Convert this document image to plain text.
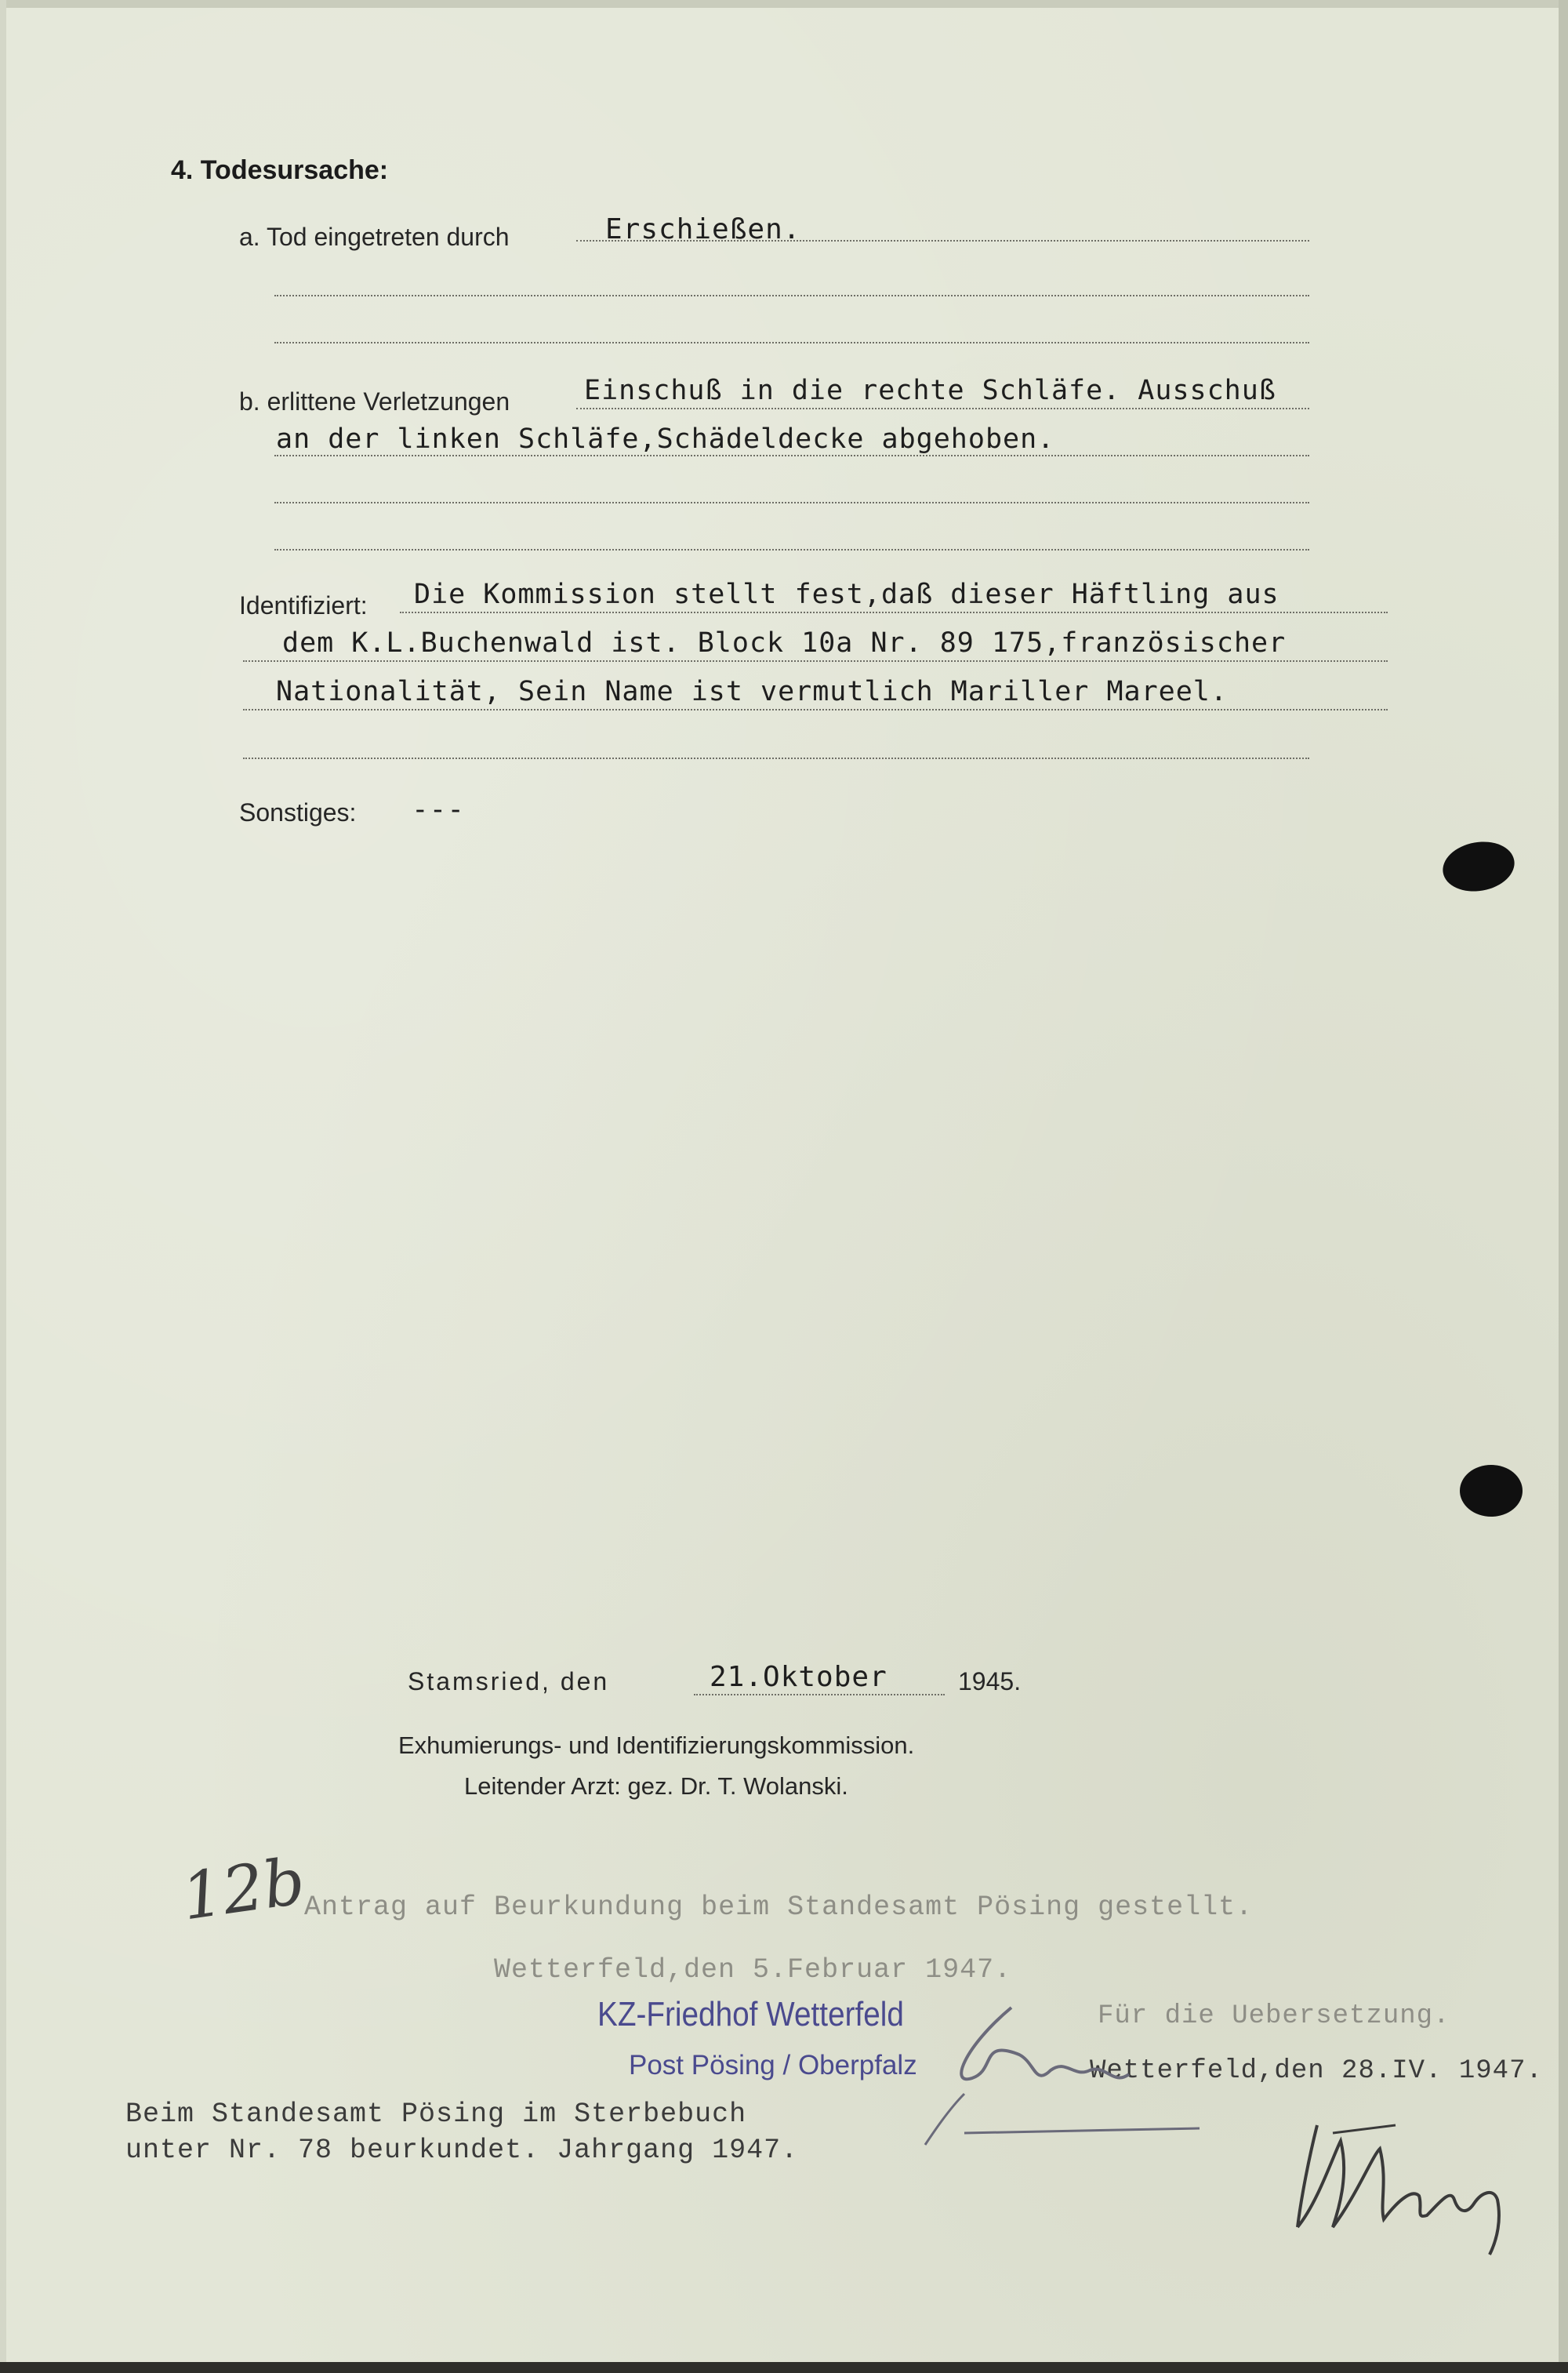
4. Todesursache:
a. Tod eingetreten durch	Erschießen.
b. erlittene Verletzungen	Einschuß in die rechte Schläfe. Ausschuß
an der linken Schläfe,Schädeldecke abgehoben.
Identifiziert: Die Kommission stellt fest,daß dieser Häftling aus
dem K.L.Buchenwald ist. Block 10a Nr. 89 175,französischer
Nationalität, Sein Name ist vermutlich Mariller Mareel.
Sonstiges: ---
Stamsried, den	21.Oktober	1945.
Exhumierungs- und Identifizierungskommission.
Leitender Arzt: gez. Dr. T. Wolanski.
12b
Antrag auf Beurkundung beim Standesamt Pösing gestellt.
Wetterfeld,den 5.Februar 1947.
KZ-Friedhof Wetterfeld
Post Pösing / Oberpfalz
Für die Uebersetzung.
Wetterfeld,den 28.IV. 1947.
Beim Standesamt Pösing im Sterbebuch
unter Nr. 78 beurkundet. Jahrgang 1947.
